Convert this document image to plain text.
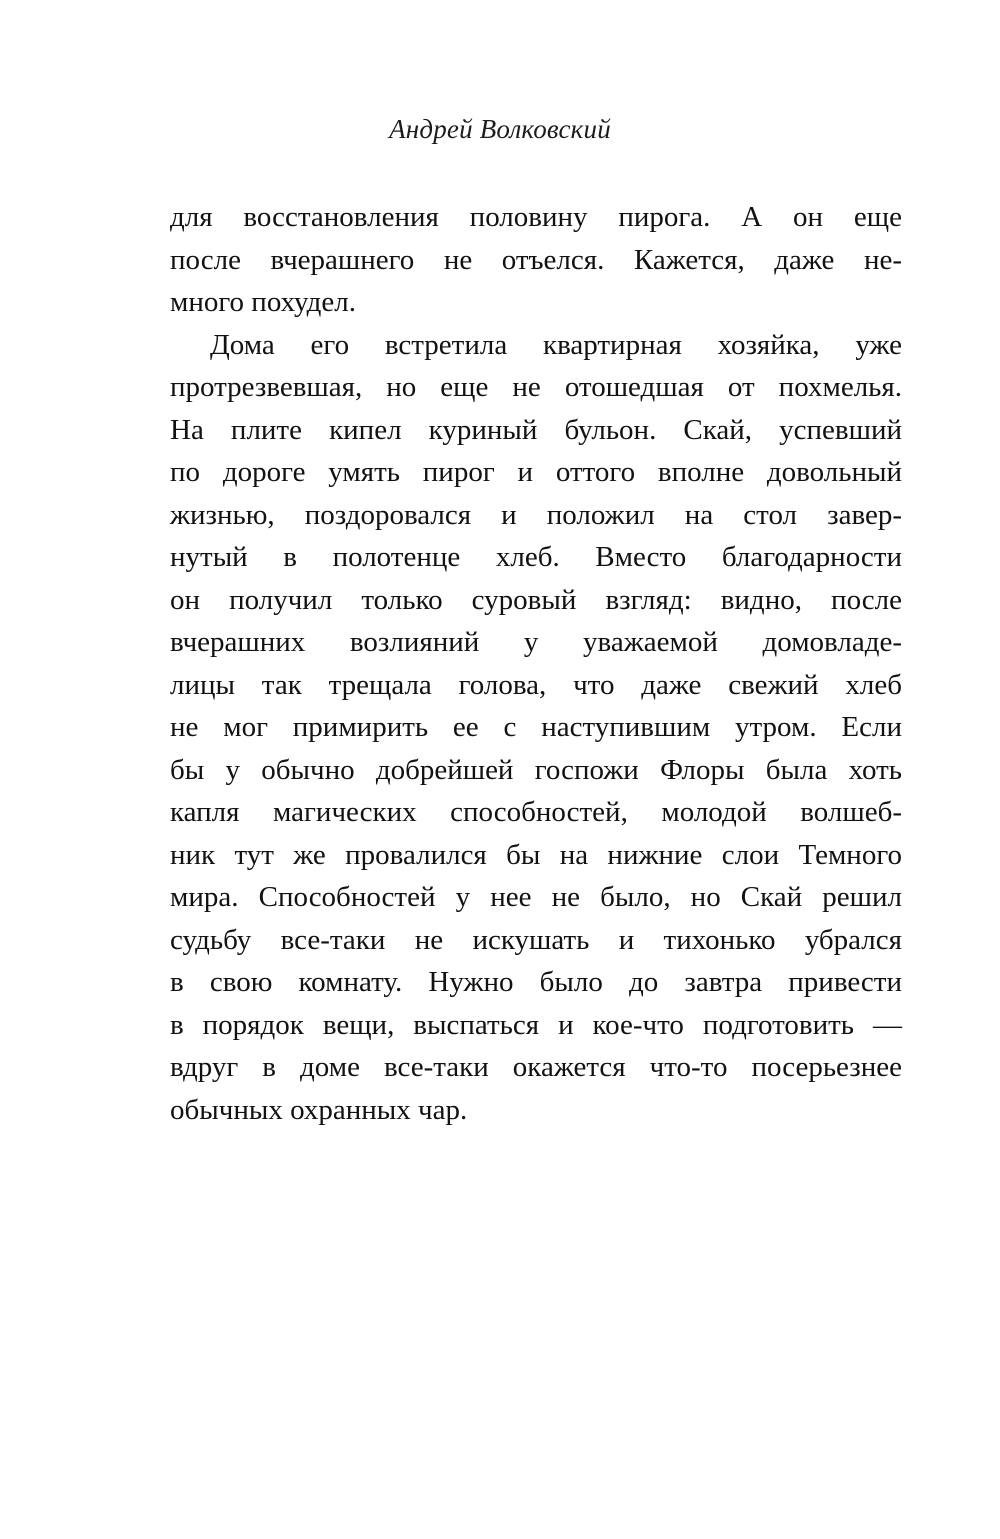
Андрей Волковский
для восстановления половину пирога. А он еще
после вчерашнего не отъелся. Кажется, даже не-
много похудел.
Дома его встретила квартирная хозяйка, уже
протрезвевшая, но еще не отошедшая от похмелья.
На плите кипел куриный бульон. Скай, успевший
по дороге умять пирог и оттого вполне довольный
жизнью, поздоровался и положил на стол завер-
нутый в полотенце хлеб. Вместо благодарности
он получил только суровый взгляд: видно, после
вчерашних возлияний у уважаемой домовладе-
лицы так трещала голова, что даже свежий хлеб
не мог примирить ее с наступившим утром. Если
бы у обычно добрейшей госпожи Флоры была хоть
капля магических способностей, молодой волшеб-
ник тут же провалился бы на нижние слои Темного
мира. Способностей у нее не было, но Скай решил
судьбу все-таки не искушать и тихонько убрался
в свою комнату. Нужно было до завтра привести
в порядок вещи, выспаться и кое-что подготовить —
вдруг в доме все-таки окажется что-то посерьезнее
обычных охранных чар.
